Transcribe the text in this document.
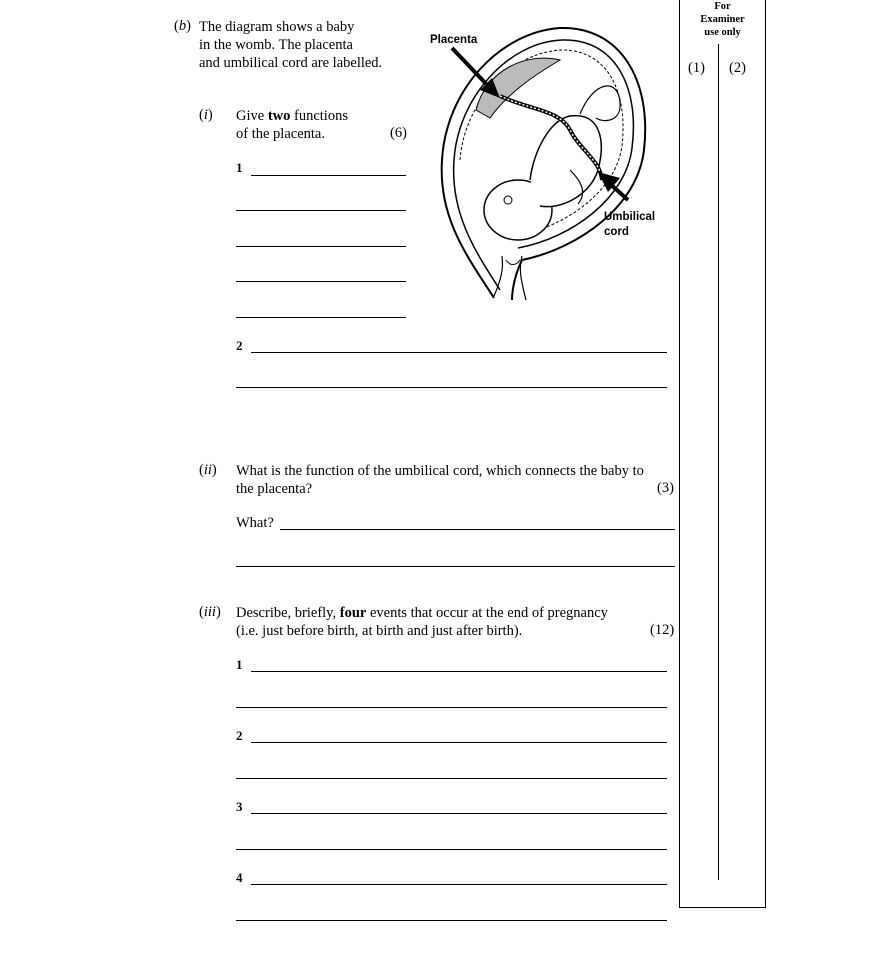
For
Examiner
use only
(1) (2)
(b) The diagram shows a baby
in the womb. The placenta
and umbilical cord are labelled.
Placenta
Umbilical
cord
(i) Give two functions
of the placenta.	(6)
1
2
(ii) What is the function of the umbilical cord, which connects the baby to
the placenta?	(3)
What?
(iii) Describe, briefly, four events that occur at the end of pregnancy
(i.e. just before birth, at birth and just after birth).	(12)
1
2
3
4
